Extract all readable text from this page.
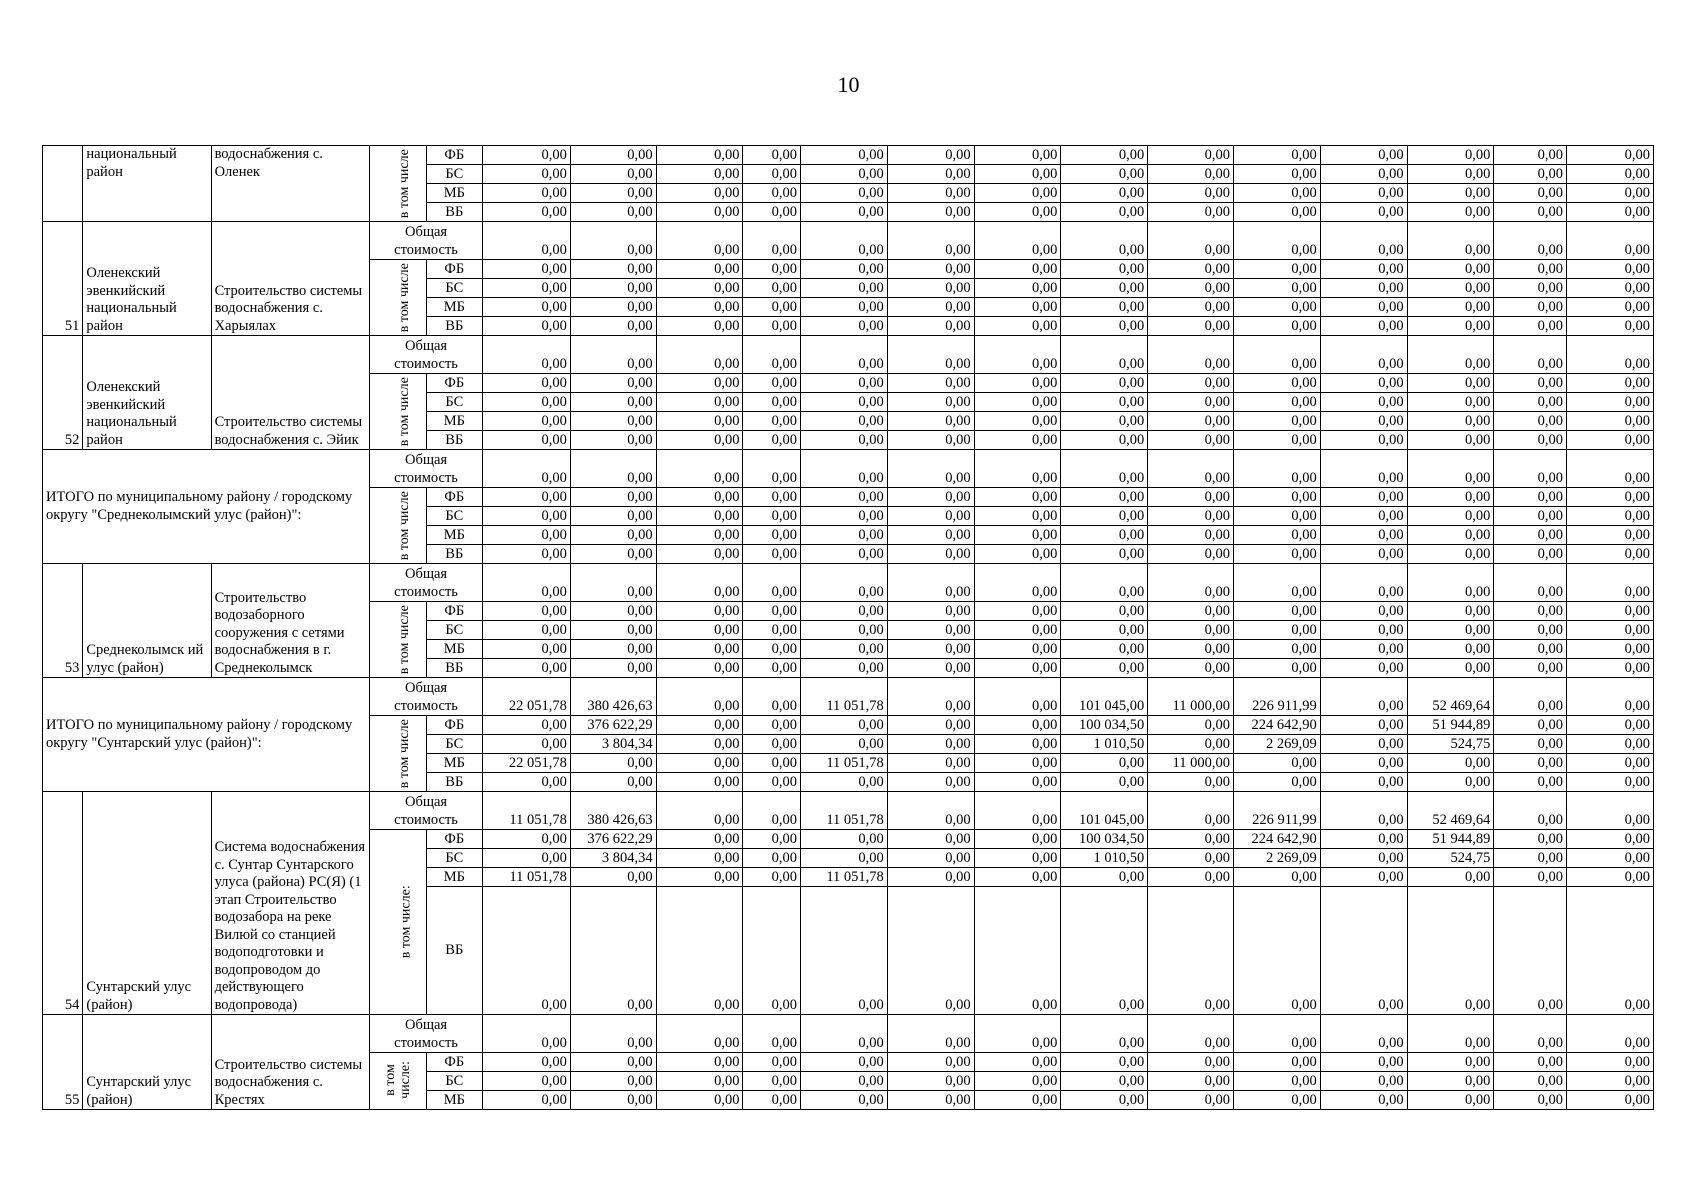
10
	национальный район	водоснабжения с. Оленек	в том числе	ФБ	0,00	0,00	0,00	0,00	0,00	0,00	0,00	0,00	0,00	0,00	0,00	0,00	0,00	0,00
				БС	0,00	0,00	0,00	0,00	0,00	0,00	0,00	0,00	0,00	0,00	0,00	0,00	0,00	0,00
				МБ	0,00	0,00	0,00	0,00	0,00	0,00	0,00	0,00	0,00	0,00	0,00	0,00	0,00	0,00
				ВБ	0,00	0,00	0,00	0,00	0,00	0,00	0,00	0,00	0,00	0,00	0,00	0,00	0,00	0,00
51	Оленекский эвенкийский национальный район	Строительство системы водоснабжения с. Харыялах	Общая стоимость		0,00	0,00	0,00	0,00	0,00	0,00	0,00	0,00	0,00	0,00	0,00	0,00	0,00	0,00
			в том числе	ФБ	0,00	0,00	0,00	0,00	0,00	0,00	0,00	0,00	0,00	0,00	0,00	0,00	0,00	0,00
				БС	0,00	0,00	0,00	0,00	0,00	0,00	0,00	0,00	0,00	0,00	0,00	0,00	0,00	0,00
				МБ	0,00	0,00	0,00	0,00	0,00	0,00	0,00	0,00	0,00	0,00	0,00	0,00	0,00	0,00
				ВБ	0,00	0,00	0,00	0,00	0,00	0,00	0,00	0,00	0,00	0,00	0,00	0,00	0,00	0,00
52	Оленекский эвенкийский национальный район	Строительство системы водоснабжения с. Эйик	Общая стоимость		0,00	0,00	0,00	0,00	0,00	0,00	0,00	0,00	0,00	0,00	0,00	0,00	0,00	0,00
			в том числе	ФБ	0,00	0,00	0,00	0,00	0,00	0,00	0,00	0,00	0,00	0,00	0,00	0,00	0,00	0,00
				БС	0,00	0,00	0,00	0,00	0,00	0,00	0,00	0,00	0,00	0,00	0,00	0,00	0,00	0,00
				МБ	0,00	0,00	0,00	0,00	0,00	0,00	0,00	0,00	0,00	0,00	0,00	0,00	0,00	0,00
				ВБ	0,00	0,00	0,00	0,00	0,00	0,00	0,00	0,00	0,00	0,00	0,00	0,00	0,00	0,00
ИТОГО по муниципальному району / городскому округу "Среднеколымский улус (район)":			Общая стоимость		0,00	0,00	0,00	0,00	0,00	0,00	0,00	0,00	0,00	0,00	0,00	0,00	0,00	0,00
			в том числе	ФБ	0,00	0,00	0,00	0,00	0,00	0,00	0,00	0,00	0,00	0,00	0,00	0,00	0,00	0,00
				БС	0,00	0,00	0,00	0,00	0,00	0,00	0,00	0,00	0,00	0,00	0,00	0,00	0,00	0,00
				МБ	0,00	0,00	0,00	0,00	0,00	0,00	0,00	0,00	0,00	0,00	0,00	0,00	0,00	0,00
				ВБ	0,00	0,00	0,00	0,00	0,00	0,00	0,00	0,00	0,00	0,00	0,00	0,00	0,00	0,00
53	Среднеколымск ий улус (район)	Строительство водозаборного сооружения с сетями водоснабжения в г. Среднеколымск	Общая стоимость		0,00	0,00	0,00	0,00	0,00	0,00	0,00	0,00	0,00	0,00	0,00	0,00	0,00	0,00
			в том числе	ФБ	0,00	0,00	0,00	0,00	0,00	0,00	0,00	0,00	0,00	0,00	0,00	0,00	0,00	0,00
				БС	0,00	0,00	0,00	0,00	0,00	0,00	0,00	0,00	0,00	0,00	0,00	0,00	0,00	0,00
				МБ	0,00	0,00	0,00	0,00	0,00	0,00	0,00	0,00	0,00	0,00	0,00	0,00	0,00	0,00
				ВБ	0,00	0,00	0,00	0,00	0,00	0,00	0,00	0,00	0,00	0,00	0,00	0,00	0,00	0,00
ИТОГО по муниципальному району / городскому округу "Сунтарский улус (район)":			Общая стоимость		22 051,78	380 426,63	0,00	0,00	11 051,78	0,00	0,00	101 045,00	11 000,00	226 911,99	0,00	52 469,64	0,00	0,00
			в том числе	ФБ	0,00	376 622,29	0,00	0,00	0,00	0,00	0,00	100 034,50	0,00	224 642,90	0,00	51 944,89	0,00	0,00
				БС	0,00	3 804,34	0,00	0,00	0,00	0,00	0,00	1 010,50	0,00	2 269,09	0,00	524,75	0,00	0,00
				МБ	22 051,78	0,00	0,00	0,00	11 051,78	0,00	0,00	0,00	11 000,00	0,00	0,00	0,00	0,00	0,00
				ВБ	0,00	0,00	0,00	0,00	0,00	0,00	0,00	0,00	0,00	0,00	0,00	0,00	0,00	0,00
54	Сунтарский улус (район)	Система водоснабжения с. Сунтар Сунтарского улуса (района) РС(Я) (1 этап Строительство водозабора на реке Вилюй со станцией водоподготовки и водопроводом до действующего водопровода)	Общая стоимость		11 051,78	380 426,63	0,00	0,00	11 051,78	0,00	0,00	101 045,00	0,00	226 911,99	0,00	52 469,64	0,00	0,00
			в том числе:	ФБ	0,00	376 622,29	0,00	0,00	0,00	0,00	0,00	100 034,50	0,00	224 642,90	0,00	51 944,89	0,00	0,00
				БС	0,00	3 804,34	0,00	0,00	0,00	0,00	0,00	1 010,50	0,00	2 269,09	0,00	524,75	0,00	0,00
				МБ	11 051,78	0,00	0,00	0,00	11 051,78	0,00	0,00	0,00	0,00	0,00	0,00	0,00	0,00	0,00
				ВБ	0,00	0,00	0,00	0,00	0,00	0,00	0,00	0,00	0,00	0,00	0,00	0,00	0,00	0,00
55	Сунтарский улус (район)	Строительство системы водоснабжения с. Крестях	Общая стоимость		0,00	0,00	0,00	0,00	0,00	0,00	0,00	0,00	0,00	0,00	0,00	0,00	0,00	0,00
			в том числе:	ФБ	0,00	0,00	0,00	0,00	0,00	0,00	0,00	0,00	0,00	0,00	0,00	0,00	0,00	0,00
				БС	0,00	0,00	0,00	0,00	0,00	0,00	0,00	0,00	0,00	0,00	0,00	0,00	0,00	0,00
				МБ	0,00	0,00	0,00	0,00	0,00	0,00	0,00	0,00	0,00	0,00	0,00	0,00	0,00	0,00
